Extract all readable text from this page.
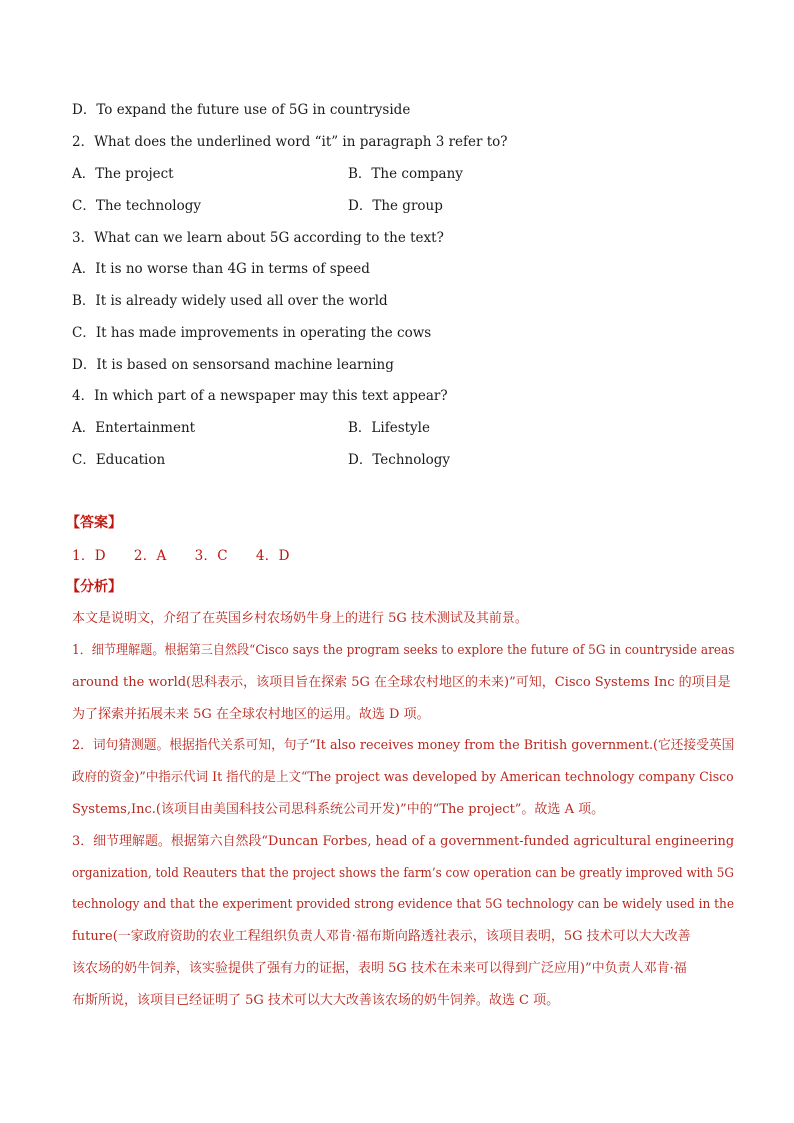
D．To expand the future use of 5G in countryside
2．What does the underlined word “it” in paragraph 3 refer to?
A．The project	B．The company
C．The technology	D．The group
3．What can we learn about 5G according to the text?
A．It is no worse than 4G in terms of speed
B．It is already widely used all over the world
C．It has made improvements in operating the cows
D．It is based on sensorsand machine learning
4．In which part of a newspaper may this text appear?
A．Entertainment	B．Lifestyle
C．Education	D．Technology
【答案】
1．D 2．A 3．C 4．D
【分析】
本文是说明文，介绍了在英国乡村农场奶牛身上的进行 5G 技术测试及其前景。
1．细节理解题。根据第三自然段“Cisco says the program seeks to explore the future of 5G in countryside areas
around the world(思科表示，该项目旨在探索 5G 在全球农村地区的未来)”可知，Cisco Systems Inc 的项目是
为了探索并拓展未来 5G 在全球农村地区的运用。故选 D 项。
2．词句猜测题。根据指代关系可知，句子“It also receives money from the British government.(它还接受英国
政府的资金)”中指示代词 It 指代的是上文“The project was developed by American technology company Cisco
Systems,Inc.(该项目由美国科技公司思科系统公司开发)”中的“The project”。故选 A 项。
3．细节理解题。根据第六自然段“Duncan Forbes, head of a government-funded agricultural engineering
organization, told Reauters that the project shows the farm’s cow operation can be greatly improved with 5G
technology and that the experiment provided strong evidence that 5G technology can be widely used in the
future(一家政府资助的农业工程组织负责人邓肯·福布斯向路透社表示，该项目表明，5G 技术可以大大改善
该农场的奶牛饲养，该实验提供了强有力的证据，表明 5G 技术在未来可以得到广泛应用)”中负责人邓肯·福
布斯所说，该项目已经证明了 5G 技术可以大大改善该农场的奶牛饲养。故选 C 项。
